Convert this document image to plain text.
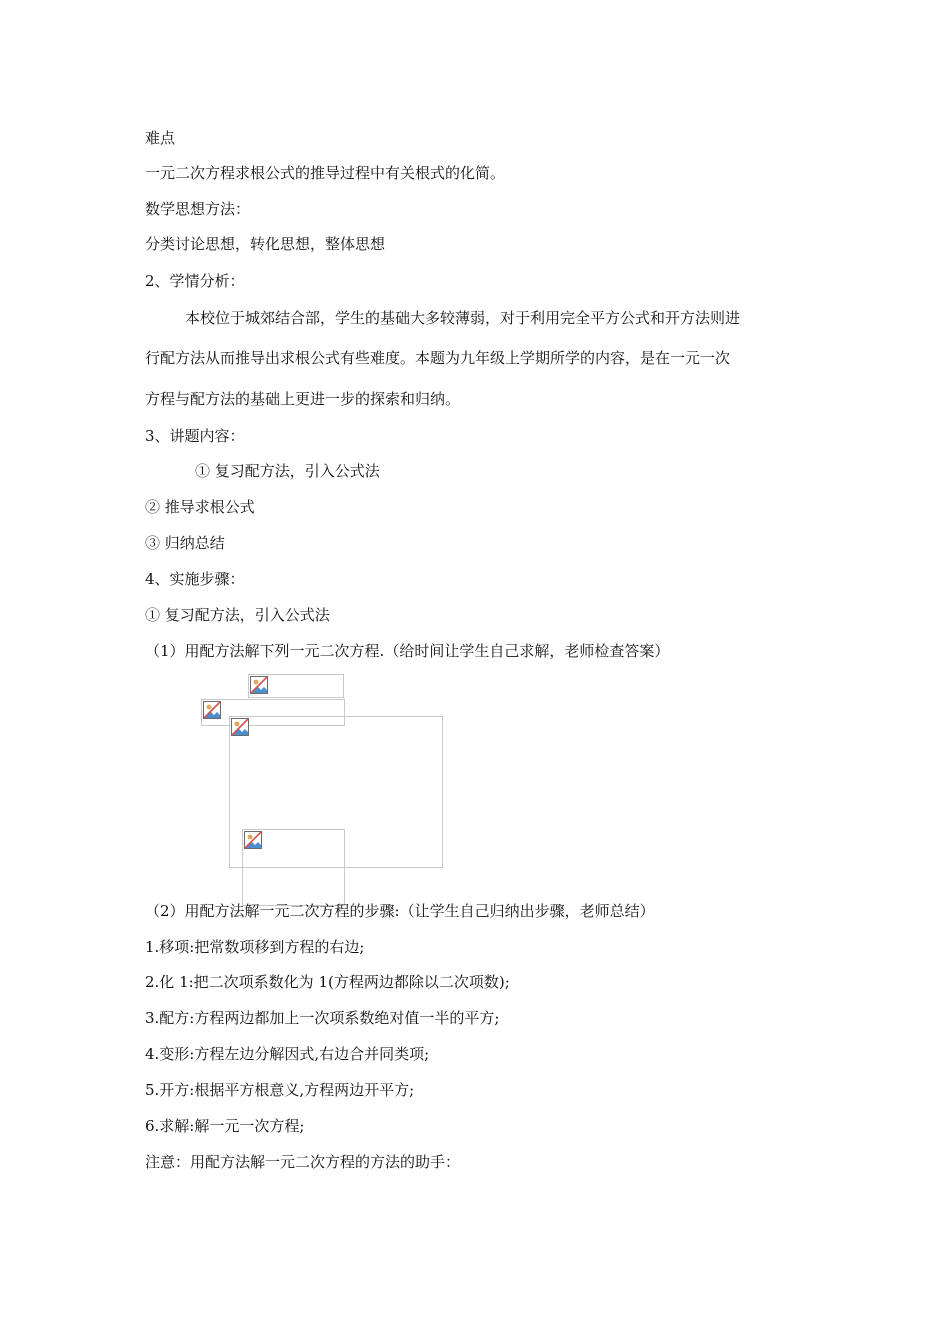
难点
一元二次方程求根公式的推导过程中有关根式的化简。
数学思想方法：
分类讨论思想，转化思想，整体思想
2、学情分析：
本校位于城郊结合部，学生的基础大多较薄弱，对于利用完全平方公式和开方法则进
行配方法从而推导出求根公式有些难度。本题为九年级上学期所学的内容，是在一元一次
方程与配方法的基础上更进一步的探索和归纳。
3、讲题内容：
① 复习配方法，引入公式法
② 推导求根公式
③ 归纳总结
4、实施步骤：
① 复习配方法，引入公式法
（1）用配方法解下列一元二次方程.（给时间让学生自己求解，老师检查答案）
（2）用配方法解一元二次方程的步骤:（让学生自己归纳出步骤，老师总结）
1.移项:把常数项移到方程的右边;
2.化 1:把二次项系数化为 1(方程两边都除以二次项数);
3.配方:方程两边都加上一次项系数绝对值一半的平方;
4.变形:方程左边分解因式,右边合并同类项;
5.开方:根据平方根意义,方程两边开平方;
6.求解:解一元一次方程;
注意：用配方法解一元二次方程的方法的助手：
